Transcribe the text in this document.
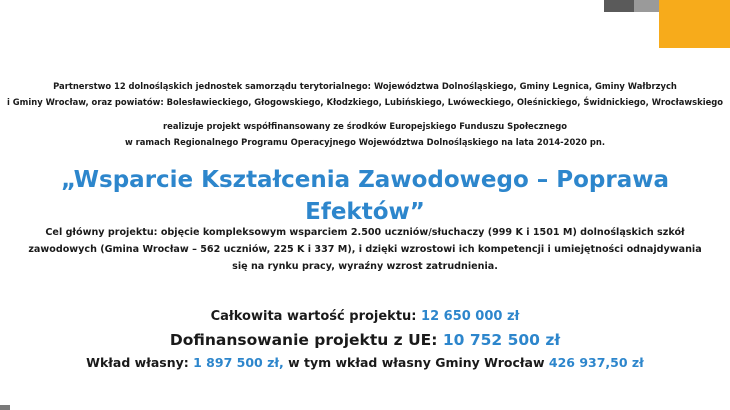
Partnerstwo 12 dolnośląskich jednostek samorządu terytorialnego: Województwa Dolnośląskiego, Gminy Legnica, Gminy Wałbrzych
i Gminy Wrocław, oraz powiatów: Bolesławieckiego, Głogowskiego, Kłodzkiego, Lubińskiego, Lwóweckiego, Oleśnickiego, Świdnickiego, Wrocławskiego
realizuje projekt współfinansowany ze środków Europejskiego Funduszu Społecznego
w ramach Regionalnego Programu Operacyjnego Województwa Dolnośląskiego na lata 2014-2020 pn.
„Wsparcie Kształcenia Zawodowego – Poprawa
Efektów”
Cel główny projektu: objęcie kompleksowym wsparciem 2.500 uczniów/słuchaczy (999 K i 1501 M) dolnośląskich szkół
zawodowych (Gmina Wrocław – 562 uczniów, 225 K i 337 M), i dzięki wzrostowi ich kompetencji i umiejętności odnajdywania
się na rynku pracy, wyraźny wzrost zatrudnienia.
Całkowita wartość projektu: 12 650 000 zł
Dofinansowanie projektu z UE: 10 752 500 zł
Wkład własny: 1 897 500 zł, w tym wkład własny Gminy Wrocław 426 937,50 zł
